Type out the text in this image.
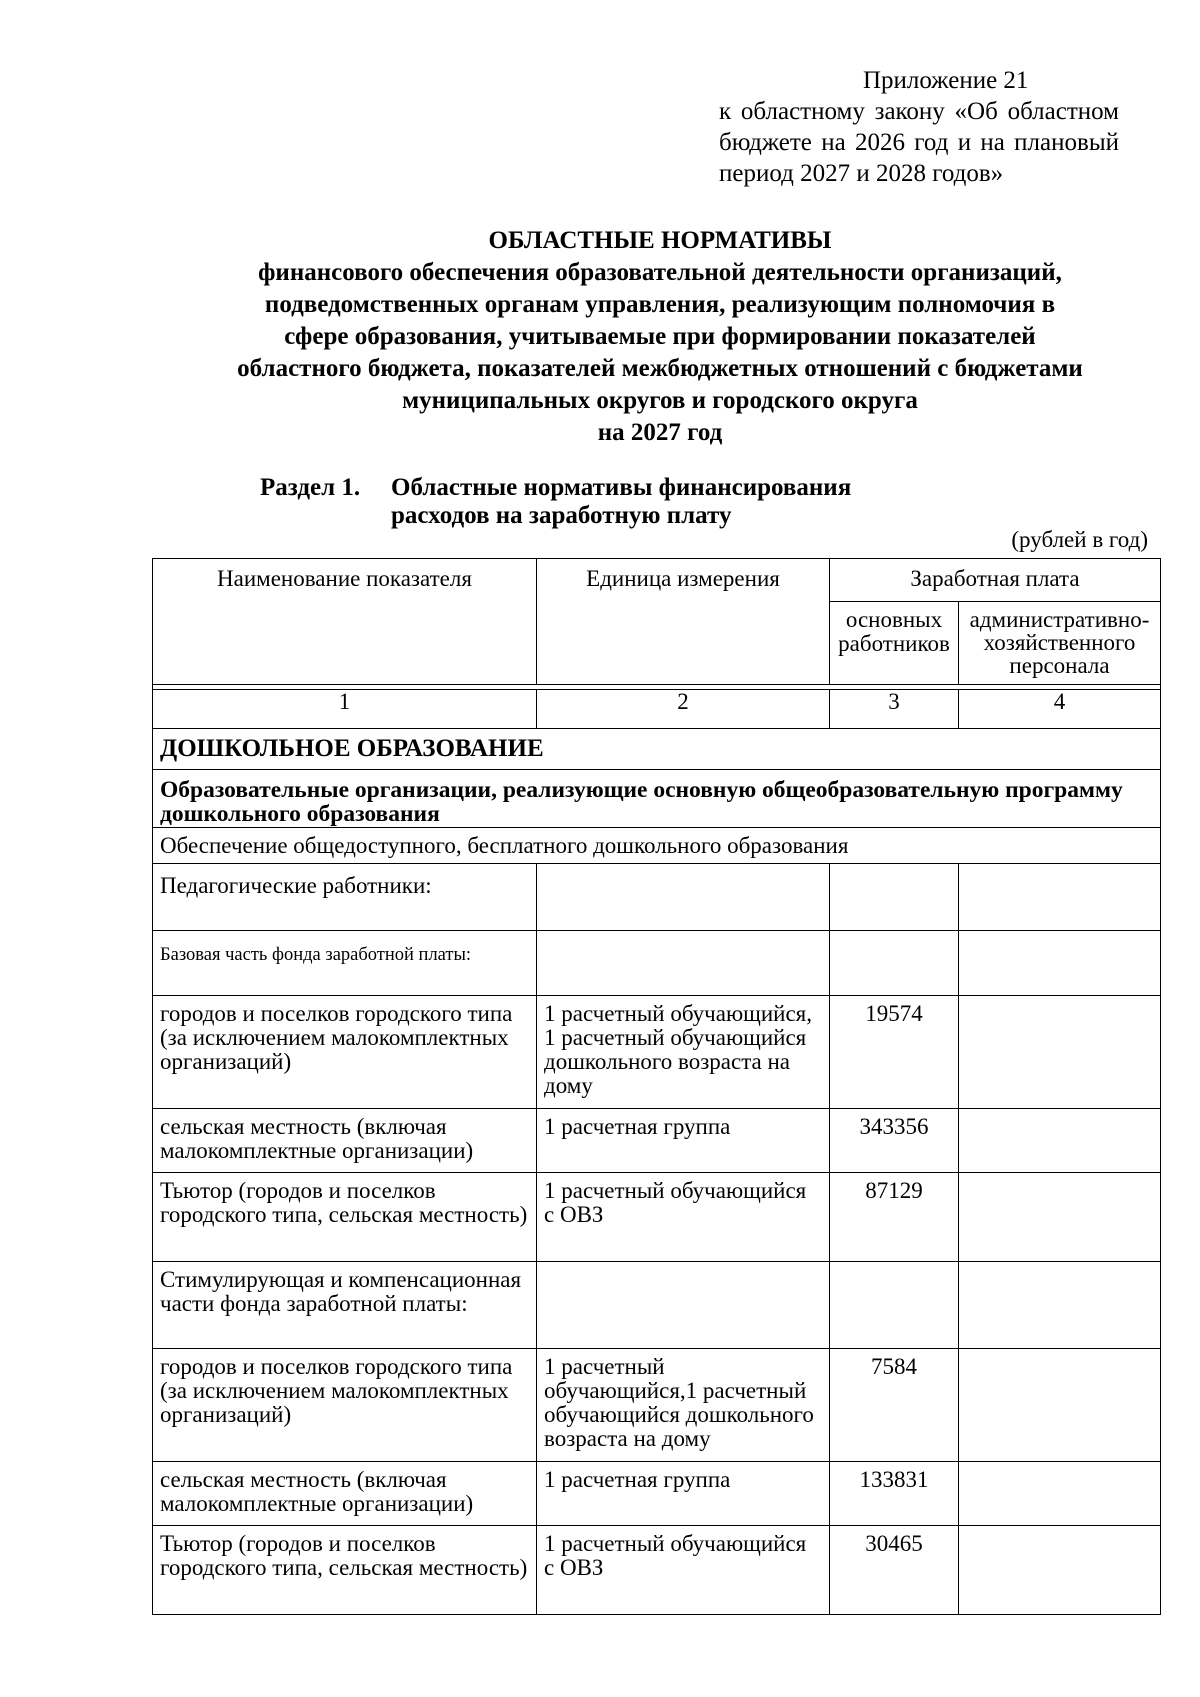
Приложение 21
к областному закону «Об областном бюджете на 2026 год и на плановый период 2027 и 2028 годов»
ОБЛАСТНЫЕ НОРМАТИВЫ
финансового обеспечения образовательной деятельности организаций,
подведомственных органам управления, реализующим полномочия в
сфере образования, учитываемые при формировании показателей
областного бюджета, показателей межбюджетных отношений с бюджетами
муниципальных округов и городского округа
на 2027 год
Раздел 1. Областные нормативы финансирования
расходов на заработную плату
(рублей в год)
Наименование показателя	Единица измерения	Заработная плата	
		основных работников	административно-хозяйственного персонала

1	2	3	4
ДОШКОЛЬНОЕ ОБРАЗОВАНИЕ			
Образовательные организации, реализующие основную общеобразовательную программу дошкольного образования			
Обеспечение общедоступного, бесплатного дошкольного образования			
Педагогические работники:			
Базовая часть фонда заработной платы:			
городов и поселков городского типа (за исключением малокомплектных организаций)	1 расчетный обучающийся, 1 расчетный обучающийся дошкольного возраста на дому	19574	
сельская местность (включая малокомплектные организации)	1 расчетная группа	343356	
Тьютор (городов и поселков городского типа, сельская местность)	1 расчетный обучающийся с ОВЗ	87129	
Стимулирующая и компенсационная части фонда заработной платы:			
городов и поселков городского типа (за исключением малокомплектных организаций)	1 расчетный обучающийся,1 расчетный обучающийся дошкольного возраста на дому	7584	
сельская местность (включая малокомплектные организации)	1 расчетная группа	133831	
Тьютор (городов и поселков городского типа, сельская местность)	1 расчетный обучающийся с ОВЗ	30465	
